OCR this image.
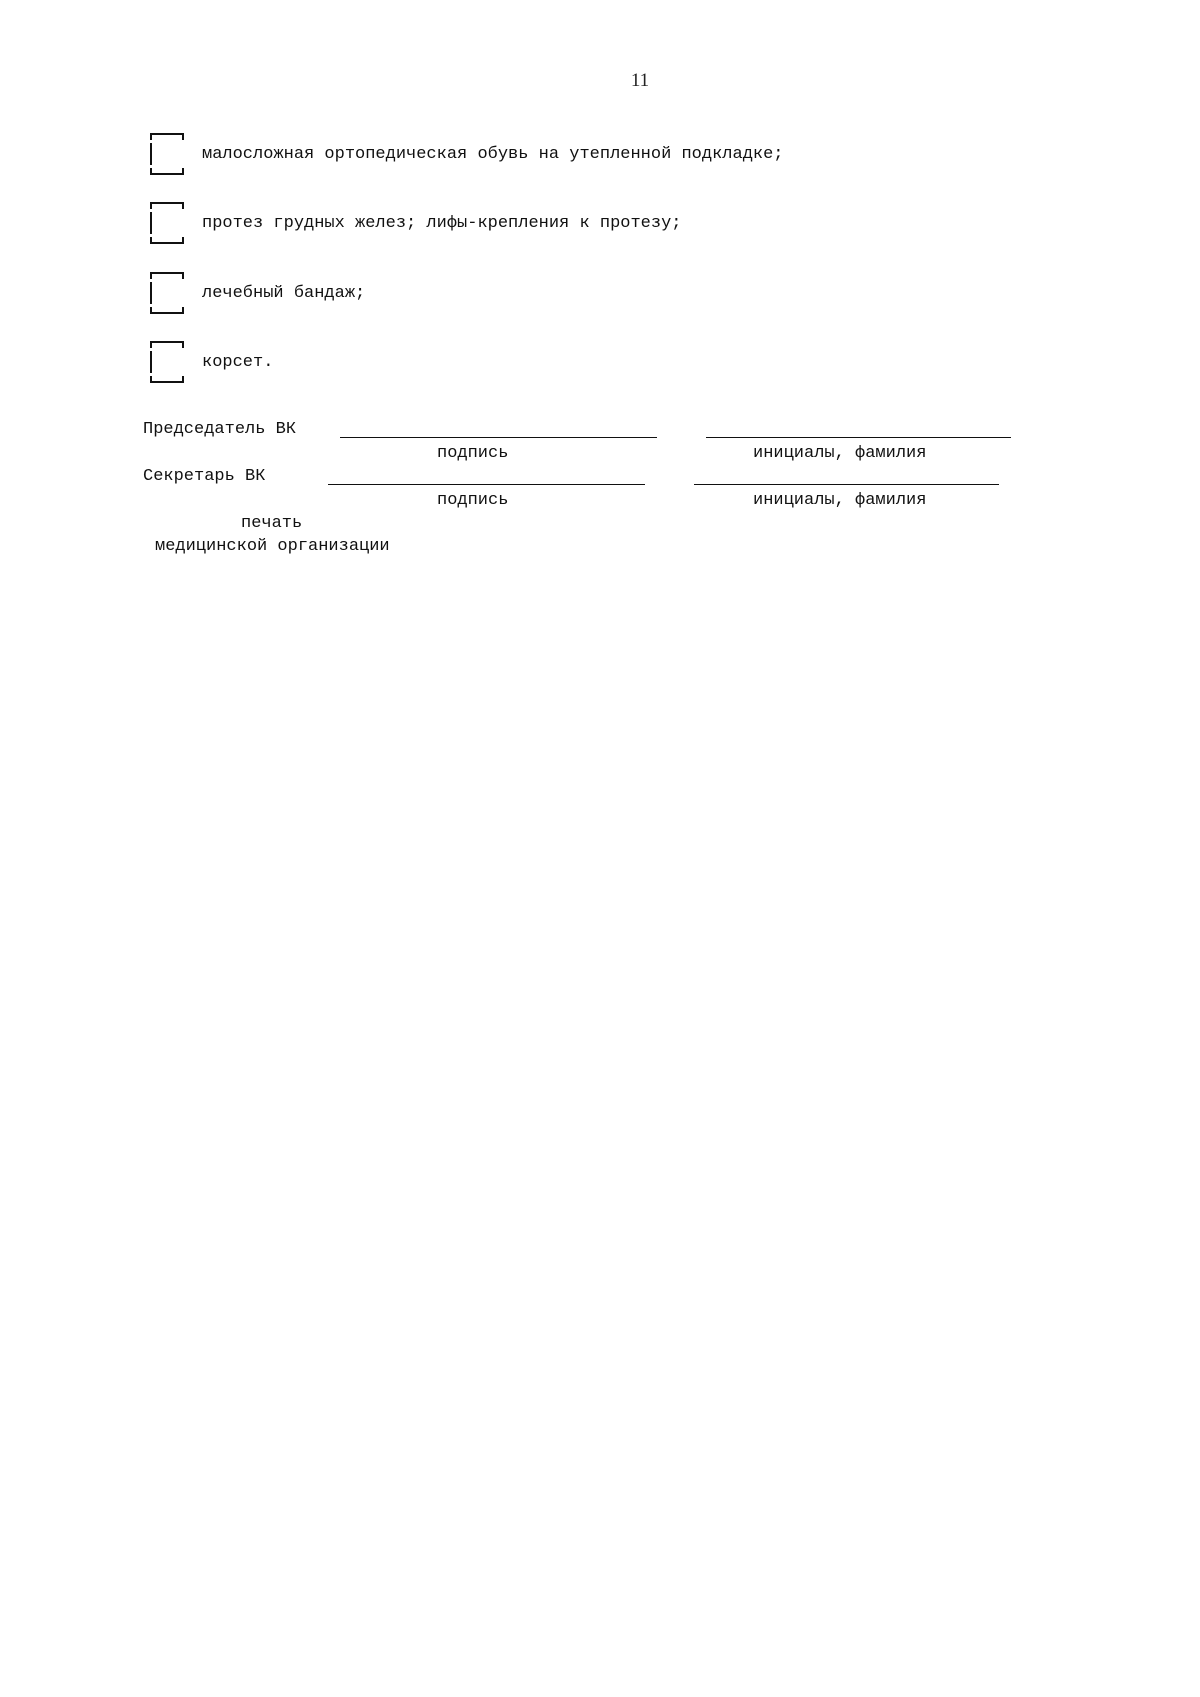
11
малосложная ортопедическая обувь на утепленной подкладке;
протез грудных желез; лифы-крепления к протезу;
лечебный бандаж;
корсет.
Председатель ВК
подпись	инициалы, фамилия
Секретарь ВК
подпись	инициалы, фамилия
печать
медицинской организации
